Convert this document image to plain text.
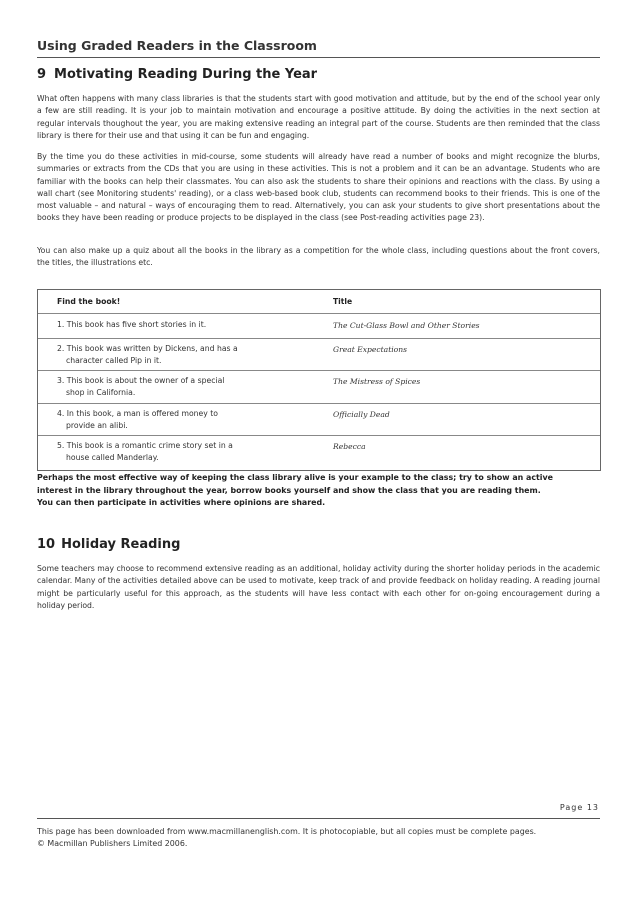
Using Graded Readers in the Classroom
9 Motivating Reading During the Year

What often happens with many class libraries is that the students start with good motivation and attitude, but by the end of the school year only a few are still reading. It is your job to maintain motivation and encourage a positive attitude. By doing the activities in the next section at regular intervals thoughout the year, you are making extensive reading an integral part of the course. Students are then reminded that the class library is there for their use and that using it can be fun and engaging.

By the time you do these activities in mid-course, some students will already have read a number of books and might recognize the blurbs, summaries or extracts from the CDs that you are using in these activities. This is not a problem and it can be an advantage. Students who are familiar with the books can help their classmates. You can also ask the students to share their opinions and reactions with the class. By using a wall chart (see Monitoring students' reading), or a class web-based book club, students can recommend books to their friends. This is one of the most valuable – and natural – ways of encouraging them to read. Alternatively, you can ask your students to give short presentations about the books they have been reading or produce projects to be displayed in the class (see Post-reading activities page 23).

You can also make up a quiz about all the books in the library as a competition for the whole class, including questions about the front covers, the titles, the illustrations etc.

Find the book!	Title
1. This book has five short stories in it.	The Cut-Glass Bowl and Other Stories
2. This book was written by Dickens, and has a
character called Pip in it.
Great Expectations
3. This book is about the owner of a special
shop in California.
The Mistress of Spices
4. In this book, a man is offered money to
provide an alibi.
Officially Dead
5. This book is a romantic crime story set in a
house called Manderlay.
Rebecca

Perhaps the most effective way of keeping the class library alive is your example to the class; try to show an active
interest in the library throughout the year, borrow books yourself and show the class that you are reading them.
You can then participate in activities where opinions are shared.

10 Holiday Reading

Some teachers may choose to recommend extensive reading as an additional, holiday activity during the shorter holiday periods in the academic calendar. Many of the activities detailed above can be used to motivate, keep track of and provide feedback on holiday reading. A reading journal might be particularly useful for this approach, as the students will have less contact with each other for on-going encouragement during a holiday period.

Page 13

This page has been downloaded from www.macmillanenglish.com. It is photocopiable, but all copies must be complete pages.
© Macmillan Publishers Limited 2006.
